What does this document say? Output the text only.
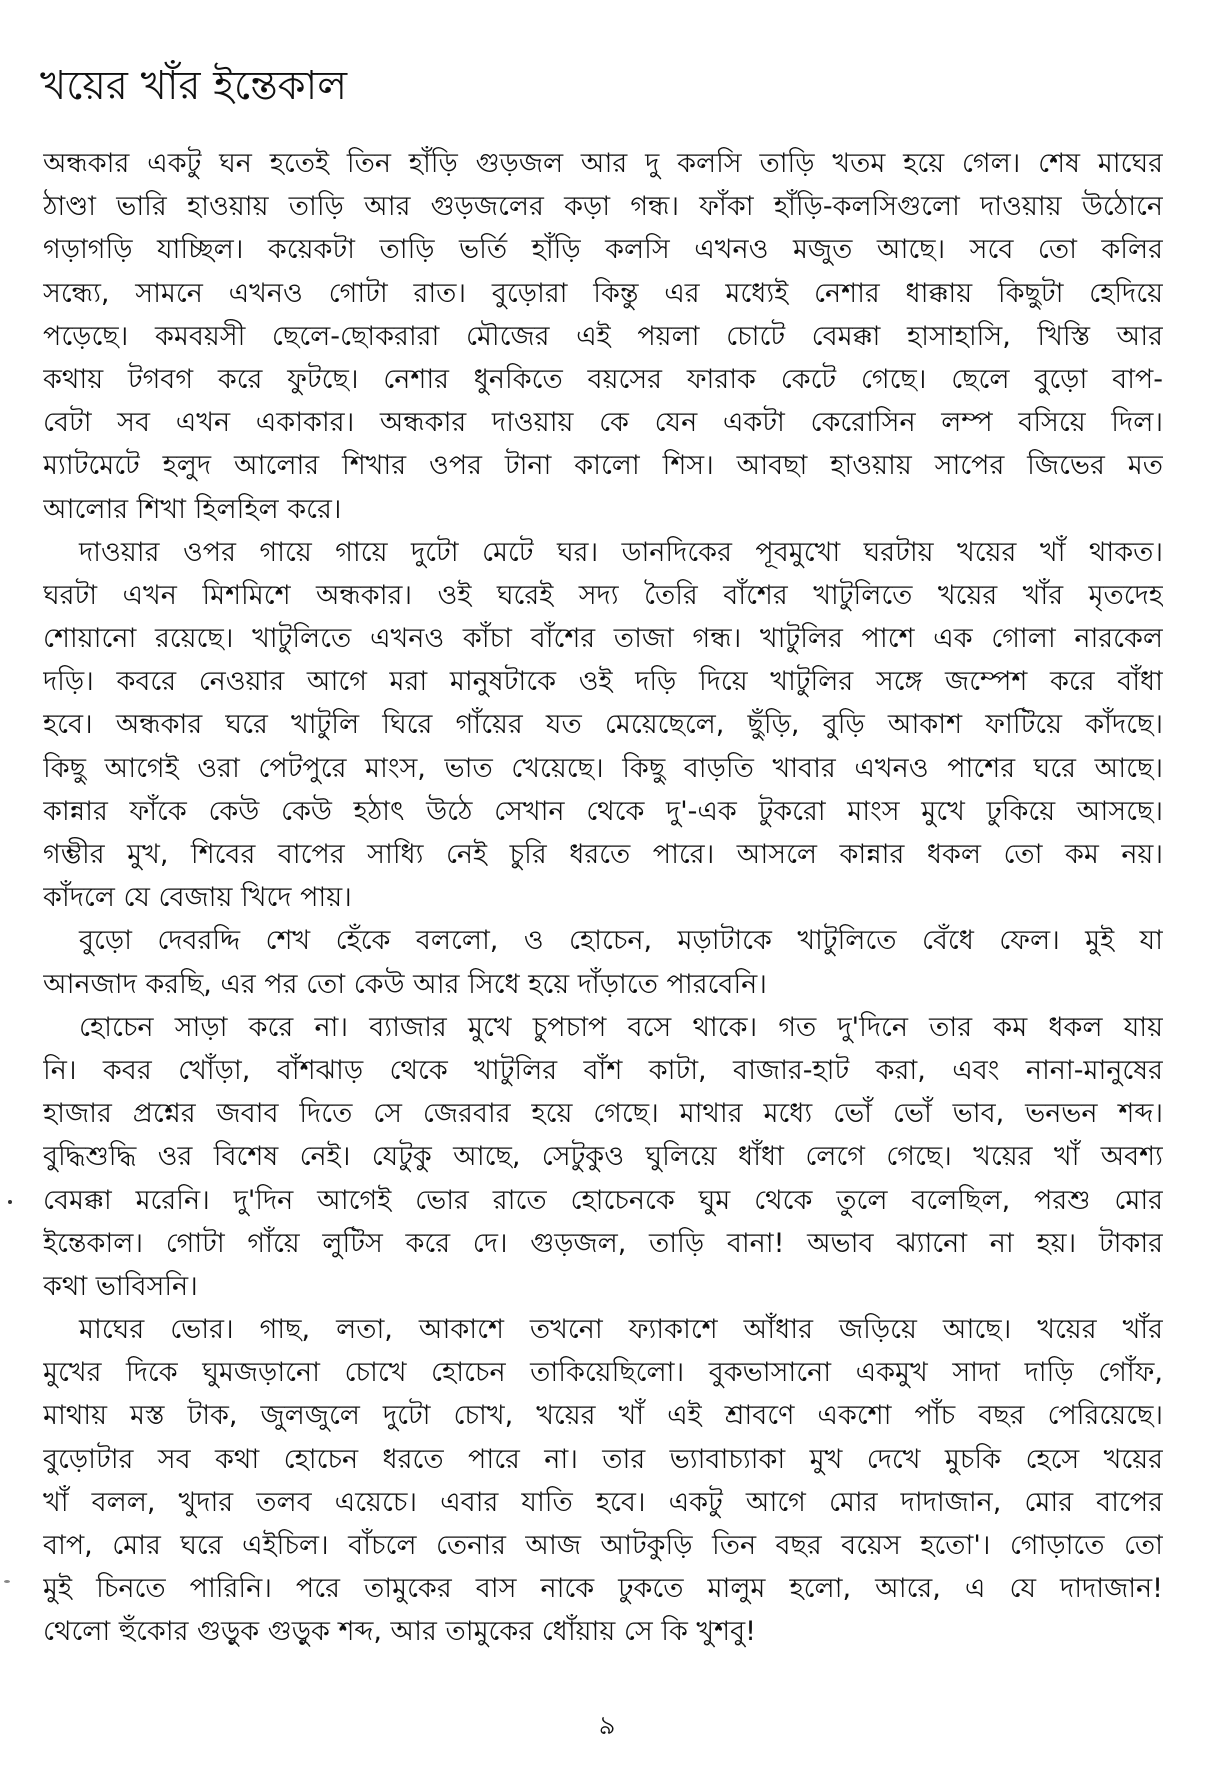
খয়ের খাঁর ইন্তেকাল
অন্ধকার একটু ঘন হতেই তিন হাঁড়ি গুড়জল আর দু কলসি তাড়ি খতম হয়ে গেল। শেষ মাঘের
ঠাণ্ডা ভারি হাওয়ায় তাড়ি আর গুড়জলের কড়া গন্ধ। ফাঁকা হাঁড়ি-কলসিগুলো দাওয়ায় উঠোনে
গড়াগড়ি যাচ্ছিল। কয়েকটা তাড়ি ভর্তি হাঁড়ি কলসি এখনও মজুত আছে। সবে তো কলির
সন্ধ্যে, সামনে এখনও গোটা রাত। বুড়োরা কিন্তু এর মধ্যেই নেশার ধাক্কায় কিছুটা হেদিয়ে
পড়েছে। কমবয়সী ছেলে-ছোকরারা মৌজের এই পয়লা চোটে বেমক্কা হাসাহাসি, খিস্তি আর
কথায় টগবগ করে ফুটছে। নেশার ধুনকিতে বয়সের ফারাক কেটে গেছে। ছেলে বুড়ো বাপ-
বেটা সব এখন একাকার। অন্ধকার দাওয়ায় কে যেন একটা কেরোসিন লম্প বসিয়ে দিল।
ম্যাটমেটে হলুদ আলোর শিখার ওপর টানা কালো শিস। আবছা হাওয়ায় সাপের জিভের মত
আলোর শিখা হিলহিল করে।
দাওয়ার ওপর গায়ে গায়ে দুটো মেটে ঘর। ডানদিকের পূবমুখো ঘরটায় খয়ের খাঁ থাকত।
ঘরটা এখন মিশমিশে অন্ধকার। ওই ঘরেই সদ্য তৈরি বাঁশের খাটুলিতে খয়ের খাঁর মৃতদেহ
শোয়ানো রয়েছে। খাটুলিতে এখনও কাঁচা বাঁশের তাজা গন্ধ। খাটুলির পাশে এক গোলা নারকেল
দড়ি। কবরে নেওয়ার আগে মরা মানুষটাকে ওই দড়ি দিয়ে খাটুলির সঙ্গে জম্পেশ করে বাঁধা
হবে। অন্ধকার ঘরে খাটুলি ঘিরে গাঁয়ের যত মেয়েছেলে, ছুঁড়ি, বুড়ি আকাশ ফাটিয়ে কাঁদছে।
কিছু আগেই ওরা পেটপুরে মাংস, ভাত খেয়েছে। কিছু বাড়তি খাবার এখনও পাশের ঘরে আছে।
কান্নার ফাঁকে কেউ কেউ হঠাৎ উঠে সেখান থেকে দু'-এক টুকরো মাংস মুখে ঢুকিয়ে আসছে।
গম্ভীর মুখ, শিবের বাপের সাধ্যি নেই চুরি ধরতে পারে। আসলে কান্নার ধকল তো কম নয়।
কাঁদলে যে বেজায় খিদে পায়।
বুড়ো দেবরদ্দি শেখ হেঁকে বললো, ও হোচেন, মড়াটাকে খাটুলিতে বেঁধে ফেল। মুই যা
আনজাদ করছি, এর পর তো কেউ আর সিধে হয়ে দাঁড়াতে পারবেনি।
হোচেন সাড়া করে না। ব্যাজার মুখে চুপচাপ বসে থাকে। গত দু'দিনে তার কম ধকল যায়
নি। কবর খোঁড়া, বাঁশঝাড় থেকে খাটুলির বাঁশ কাটা, বাজার-হাট করা, এবং নানা-মানুষের
হাজার প্রশ্নের জবাব দিতে সে জেরবার হয়ে গেছে। মাথার মধ্যে ভোঁ ভোঁ ভাব, ভনভন শব্দ।
বুদ্ধিশুদ্ধি ওর বিশেষ নেই। যেটুকু আছে, সেটুকুও ঘুলিয়ে ধাঁধা লেগে গেছে। খয়ের খাঁ অবশ্য
বেমক্কা মরেনি। দু'দিন আগেই ভোর রাতে হোচেনকে ঘুম থেকে তুলে বলেছিল, পরশু মোর
ইন্তেকাল। গোটা গাঁয়ে লুটিস করে দে। গুড়জল, তাড়ি বানা! অভাব ঝ্যানো না হয়। টাকার
কথা ভাবিসনি।
মাঘের ভোর। গাছ, লতা, আকাশে তখনো ফ্যাকাশে আঁধার জড়িয়ে আছে। খয়ের খাঁর
মুখের দিকে ঘুমজড়ানো চোখে হোচেন তাকিয়েছিলো। বুকভাসানো একমুখ সাদা দাড়ি গোঁফ,
মাথায় মস্ত টাক, জুলজুলে দুটো চোখ, খয়ের খাঁ এই শ্রাবণে একশো পাঁচ বছর পেরিয়েছে।
বুড়োটার সব কথা হোচেন ধরতে পারে না। তার ভ্যাবাচ্যাকা মুখ দেখে মুচকি হেসে খয়ের
খাঁ বলল, খুদার তলব এয়েচে। এবার যাতি হবে। একটু আগে মোর দাদাজান, মোর বাপের
বাপ, মোর ঘরে এইচিল। বাঁচলে তেনার আজ আটকুড়ি তিন বছর বয়েস হতো'। গোড়াতে তো
মুই চিনতে পারিনি। পরে তামুকের বাস নাকে ঢুকতে মালুম হলো, আরে, এ যে দাদাজান!
থেলো হুঁকোর গুড়ুক গুড়ুক শব্দ, আর তামুকের ধোঁয়ায় সে কি খুশবু!
৯
